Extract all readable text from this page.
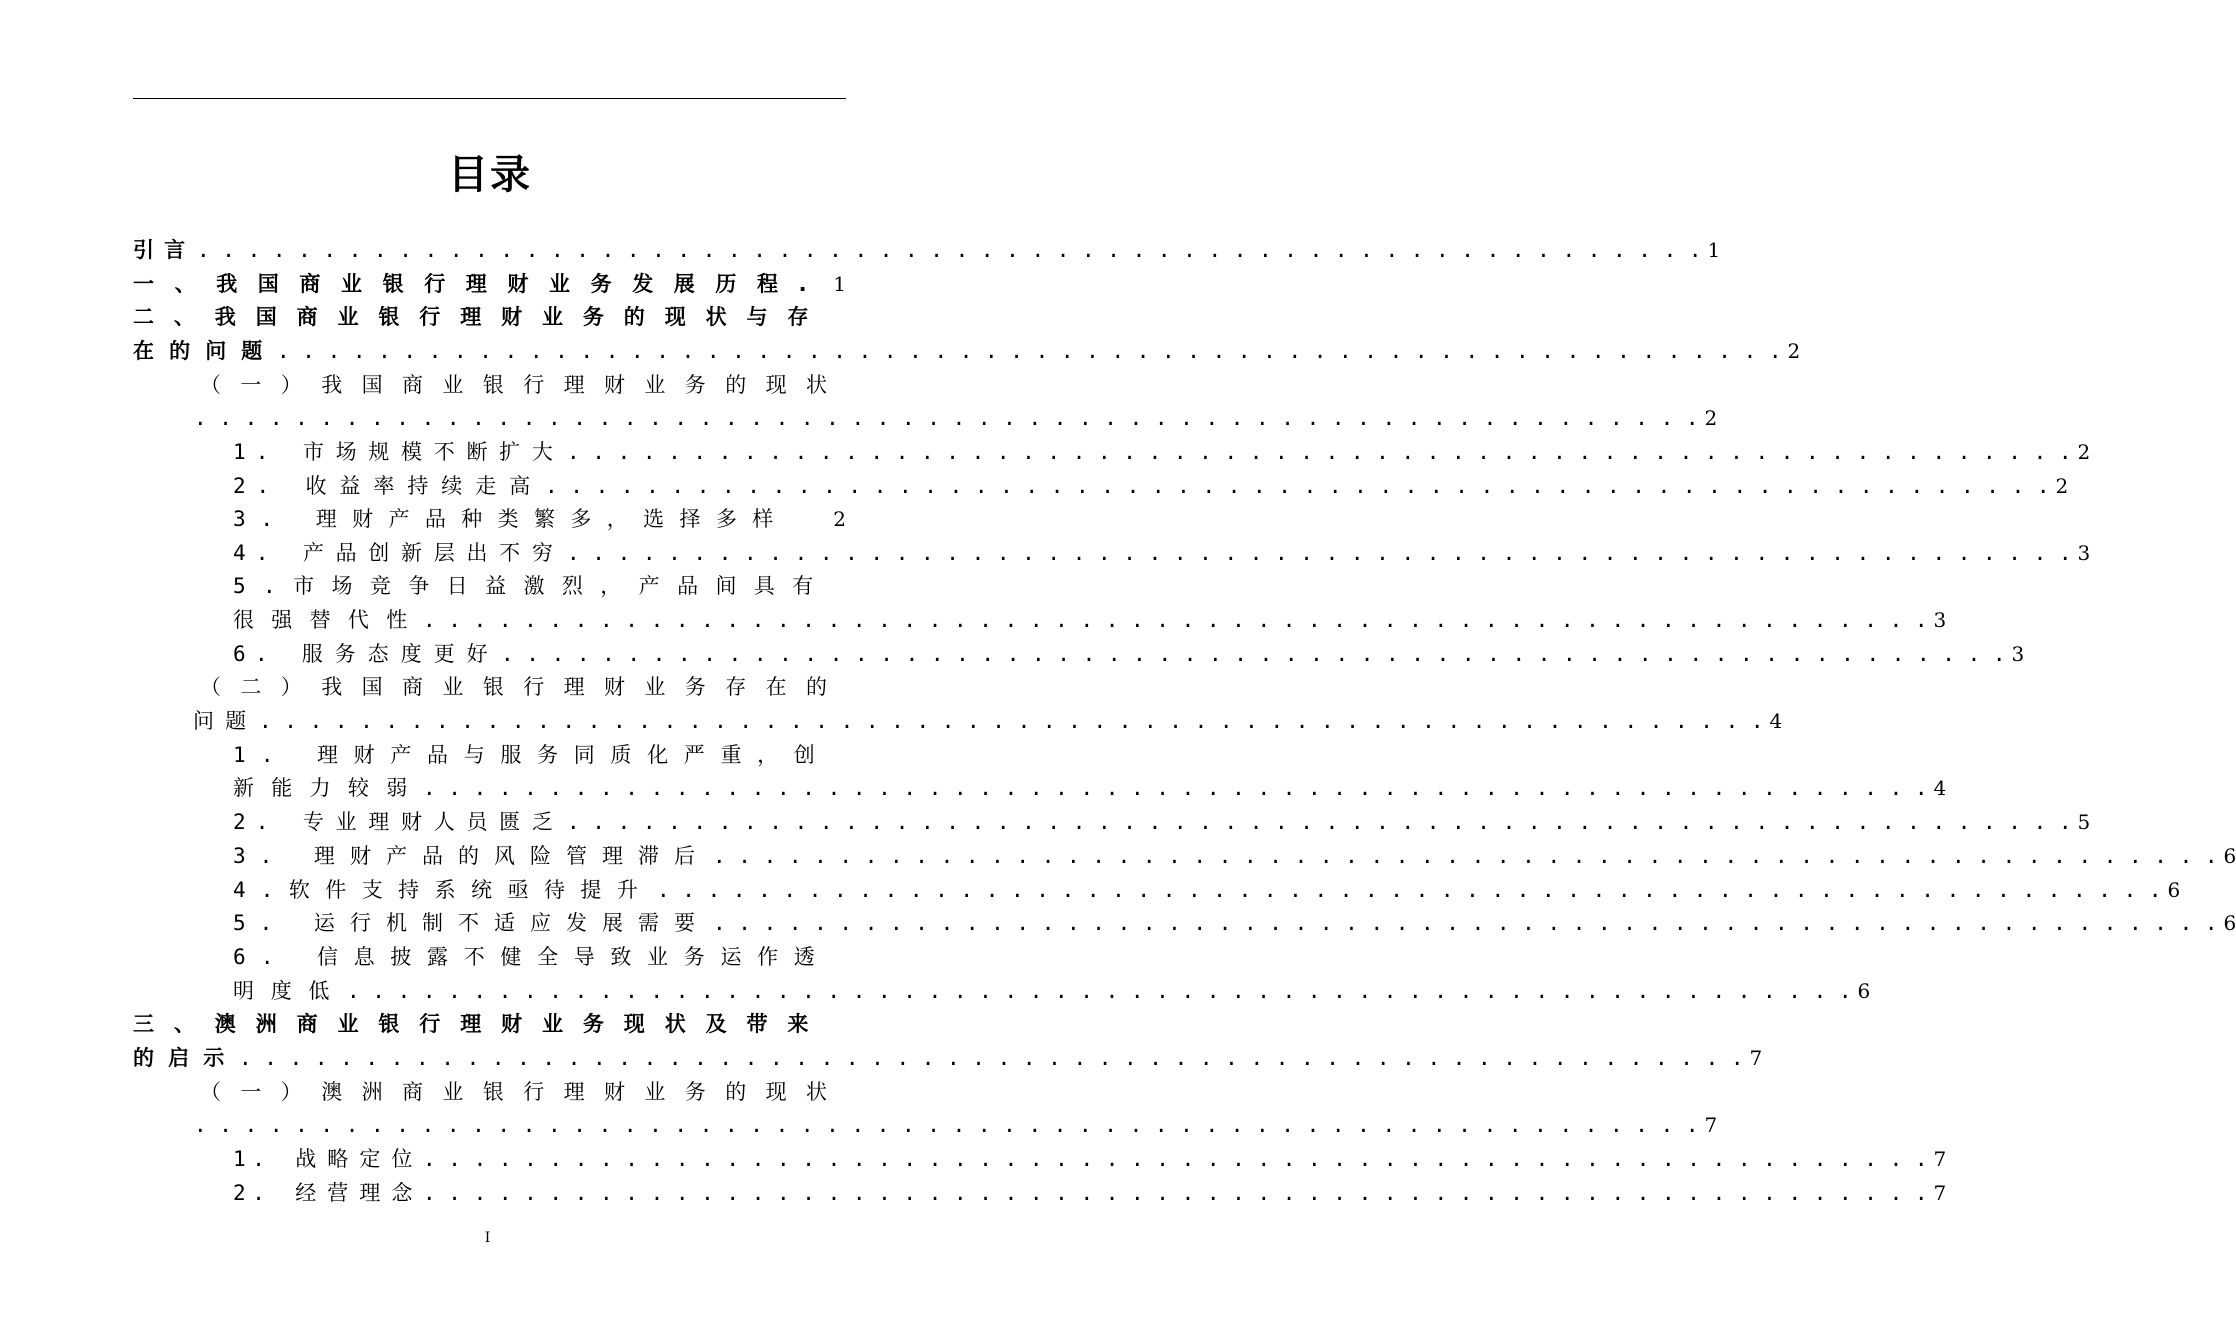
目录
引言 . . . . . . . . . . . . . . . . . . . . . . . . . . . . . . . . . . . . . . . . . . . . . . . . . . . . . . . . . . . . 1
一、我国商业银行理财业务发展历程. 1
二、我国商业银行理财业务的现状与存
在的问题 . . . . . . . . . . . . . . . . . . . . . . . . . . . . . . . . . . . . . . . . . . . . . . . . . . . . . . . . . . . . 2
（一）我国商业银行理财业务的现状
. . . . . . . . . . . . . . . . . . . . . . . . . . . . . . . . . . . . . . . . . . . . . . . . . . . . . . . . . . . . 2
1. 市场规模不断扩大 . . . . . . . . . . . . . . . . . . . . . . . . . . . . . . . . . . . . . . . . . . . . . . . . . . . . . . . . . . . . 2
2. 收益率持续走高 . . . . . . . . . . . . . . . . . . . . . . . . . . . . . . . . . . . . . . . . . . . . . . . . . . . . . . . . . . . . 2
3. 理财产品种类繁多，选择多样	2
4. 产品创新层出不穷 . . . . . . . . . . . . . . . . . . . . . . . . . . . . . . . . . . . . . . . . . . . . . . . . . . . . . . . . . . . . 3
5.市场竞争日益激烈，产品间具有
很强替代性
. . . . . . . . . . . . . . . . . . . . . . . . . . . . . . . . . . . . . . . . . . . . . . . . . . . . . . . . . . . . 3
6. 服务态度更好 . . . . . . . . . . . . . . . . . . . . . . . . . . . . . . . . . . . . . . . . . . . . . . . . . . . . . . . . . . . . 3
（二）我国商业银行理财业务存在的
问题 . . . . . . . . . . . . . . . . . . . . . . . . . . . . . . . . . . . . . . . . . . . . . . . . . . . . . . . . . . . . 4
1. 理财产品与服务同质化严重，创
新能力较弱
. . . . . . . . . . . . . . . . . . . . . . . . . . . . . . . . . . . . . . . . . . . . . . . . . . . . . . . . . . . . 4
2. 专业理财人员匮乏 . . . . . . . . . . . . . . . . . . . . . . . . . . . . . . . . . . . . . . . . . . . . . . . . . . . . . . . . . . . . 5
3. 理财产品的风险管理滞后 . . . . . . . . . . . . . . . . . . . . . . . . . . . . . . . . . . . . . . . . . . . . . . . . . . . . . . . . . . . . 6
4.软件支持系统亟待提升 . . . . . . . . . . . . . . . . . . . . . . . . . . . . . . . . . . . . . . . . . . . . . . . . . . . . . . . . . . . . 6
5. 运行机制不适应发展需要 . . . . . . . . . . . . . . . . . . . . . . . . . . . . . . . . . . . . . . . . . . . . . . . . . . . . . . . . . . . . 6
6. 信息披露不健全导致业务运作透
明度低 . . . . . . . . . . . . . . . . . . . . . . . . . . . . . . . . . . . . . . . . . . . . . . . . . . . . . . . . . . . . 6
三、澳洲商业银行理财业务现状及带来
的启示 . . . . . . . . . . . . . . . . . . . . . . . . . . . . . . . . . . . . . . . . . . . . . . . . . . . . . . . . . . . . 7
（一）澳洲商业银行理财业务的现状
. . . . . . . . . . . . . . . . . . . . . . . . . . . . . . . . . . . . . . . . . . . . . . . . . . . . . . . . . . . . 7
1. 战略定位 . . . . . . . . . . . . . . . . . . . . . . . . . . . . . . . . . . . . . . . . . . . . . . . . . . . . . . . . . . . . 7
2. 经营理念 . . . . . . . . . . . . . . . . . . . . . . . . . . . . . . . . . . . . . . . . . . . . . . . . . . . . . . . . . . . . 7
I
